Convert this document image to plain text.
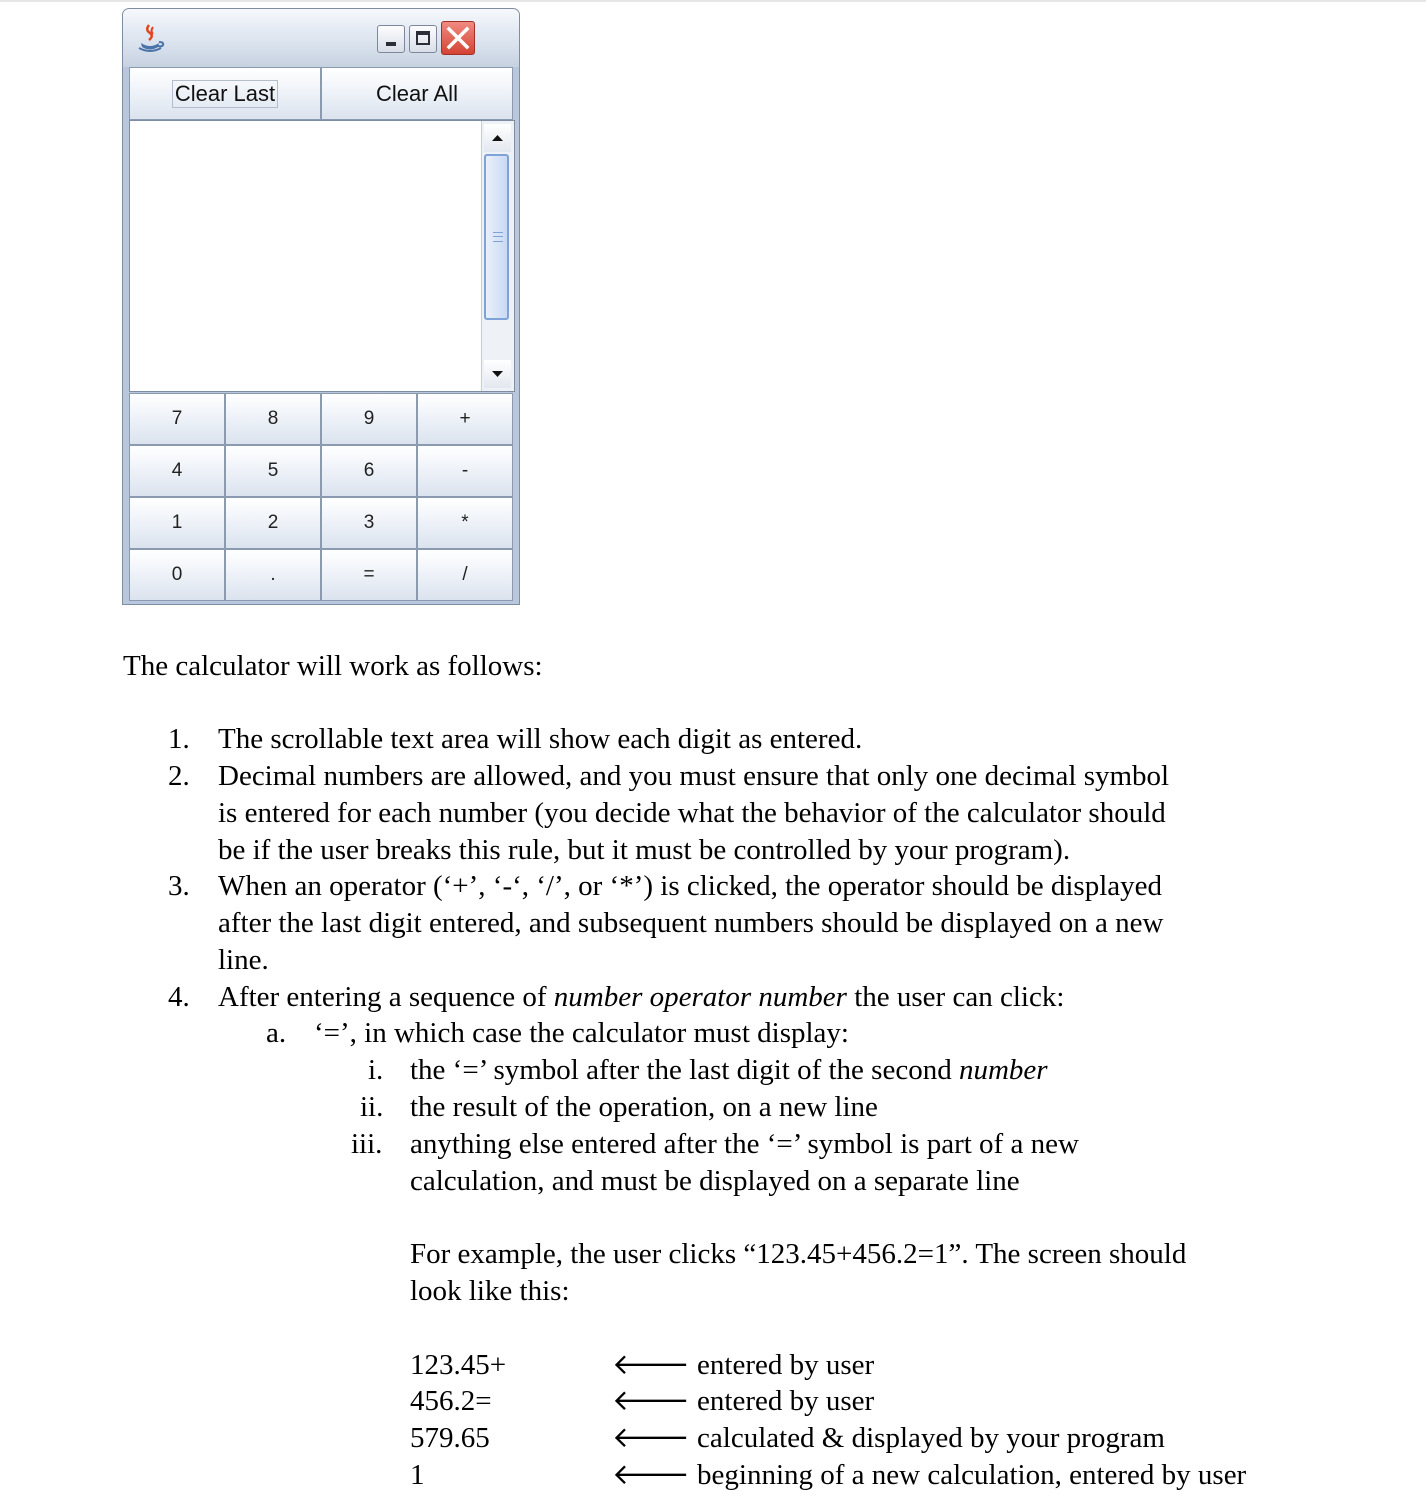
Clear Last	Clear All
7	8	9	+
4	5	6	-
1	2	3	*
0	.	=	/
The calculator will work as follows:
1. The scrollable text area will show each digit as entered.
2. Decimal numbers are allowed, and you must ensure that only one decimal symbol
is entered for each number (you decide what the behavior of the calculator should
be if the user breaks this rule, but it must be controlled by your program).
3. When an operator (‘+’, ‘-‘, ‘/’, or ‘*’) is clicked, the operator should be displayed
after the last digit entered, and subsequent numbers should be displayed on a new
line.
4. After entering a sequence of number operator number the user can click:
a. ‘=’, in which case the calculator must display:
i. the ‘=’ symbol after the last digit of the second number
ii. the result of the operation, on a new line
iii. anything else entered after the ‘=’ symbol is part of a new
calculation, and must be displayed on a separate line
For example, the user clicks “123.45+456.2=1”. The screen should
look like this:
123.45+	🡐 entered by user
456.2=	🡐 entered by user
579.65	🡐 calculated & displayed by your program
1	🡐 beginning of a new calculation, entered by user
